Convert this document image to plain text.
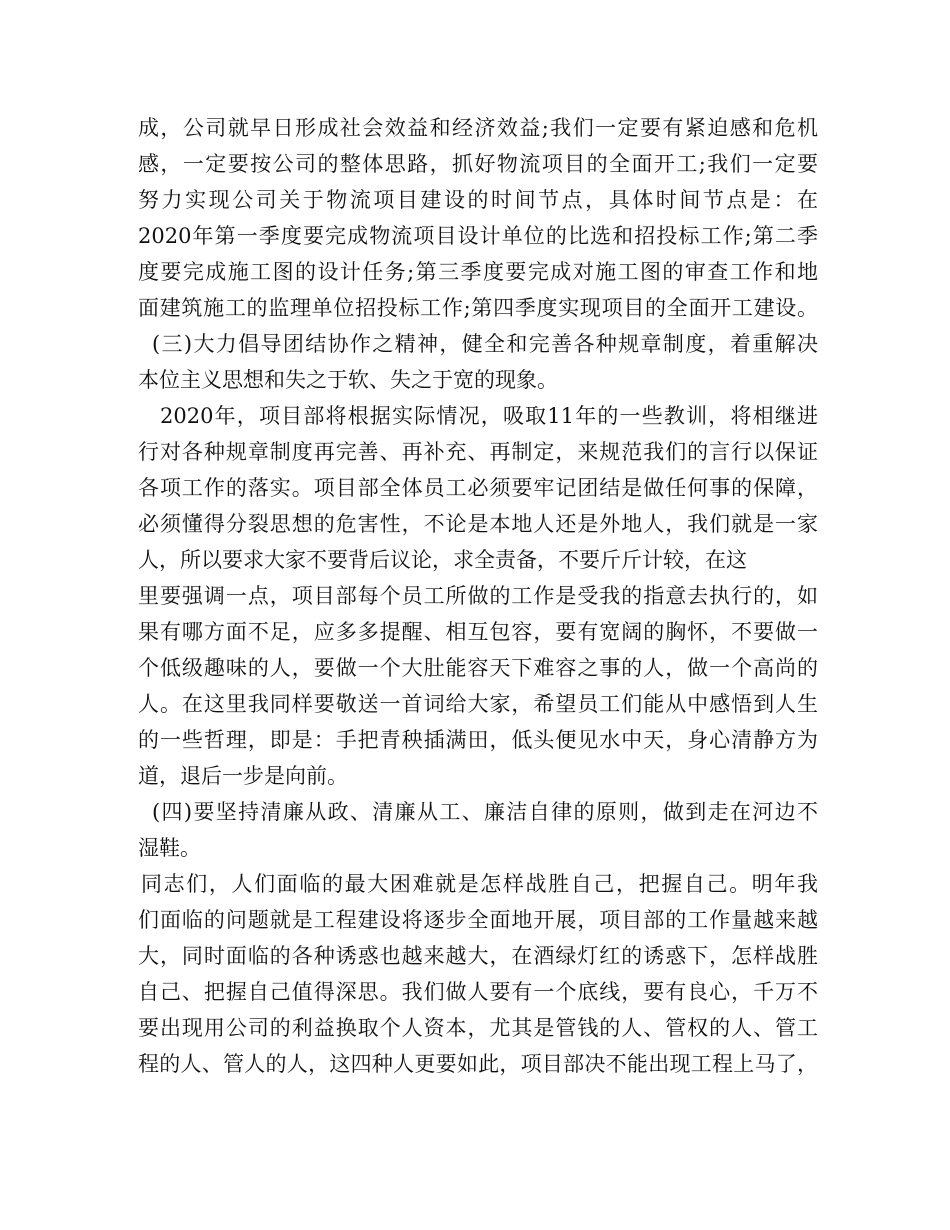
成，公司就早日形成社会效益和经济效益;我们一定要有紧迫感和危机
感，一定要按公司的整体思路，抓好物流项目的全面开工;我们一定要
努力实现公司关于物流项目建设的时间节点，具体时间节点是：在
2020年第一季度要完成物流项目设计单位的比选和招投标工作;第二季
度要完成施工图的设计任务;第三季度要完成对施工图的审查工作和地
面建筑施工的监理单位招投标工作;第四季度实现项目的全面开工建设。
(三)大力倡导团结协作之精神，健全和完善各种规章制度，着重解决
本位主义思想和失之于软、失之于宽的现象。
2020年，项目部将根据实际情况，吸取11年的一些教训，将相继进
行对各种规章制度再完善、再补充、再制定，来规范我们的言行以保证
各项工作的落实。项目部全体员工必须要牢记团结是做任何事的保障，
必须懂得分裂思想的危害性，不论是本地人还是外地人，我们就是一家
人，所以要求大家不要背后议论，求全责备，不要斤斤计较，在这
里要强调一点，项目部每个员工所做的工作是受我的指意去执行的，如
果有哪方面不足，应多多提醒、相互包容，要有宽阔的胸怀，不要做一
个低级趣味的人，要做一个大肚能容天下难容之事的人，做一个高尚的
人。在这里我同样要敬送一首词给大家，希望员工们能从中感悟到人生
的一些哲理，即是：手把青秧插满田，低头便见水中天，身心清静方为
道，退后一步是向前。
(四)要坚持清廉从政、清廉从工、廉洁自律的原则，做到走在河边不
湿鞋。
同志们，人们面临的最大困难就是怎样战胜自己，把握自己。明年我
们面临的问题就是工程建设将逐步全面地开展，项目部的工作量越来越
大，同时面临的各种诱惑也越来越大，在酒绿灯红的诱惑下，怎样战胜
自己、把握自己值得深思。我们做人要有一个底线，要有良心，千万不
要出现用公司的利益换取个人资本，尤其是管钱的人、管权的人、管工
程的人、管人的人，这四种人更要如此，项目部决不能出现工程上马了，
